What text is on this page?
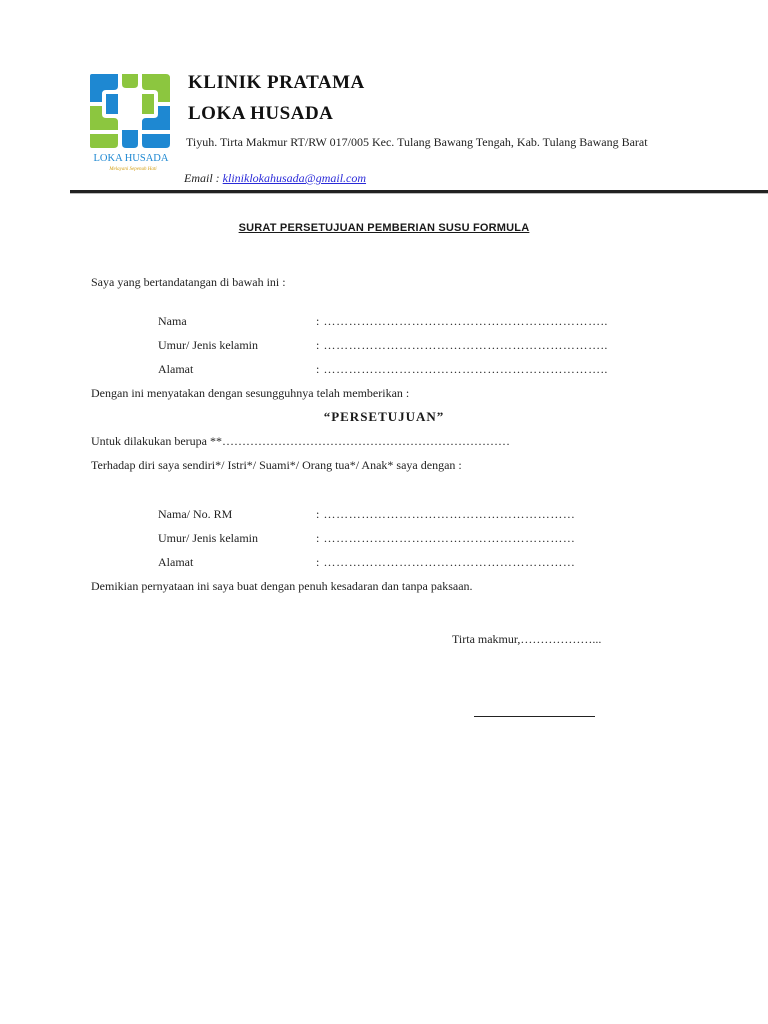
LOKA HUSADA
Melayani Sepenuh Hati
KLINIK PRATAMA
LOKA HUSADA
Tiyuh. Tirta Makmur RT/RW 017/005 Kec. Tulang Bawang Tengah, Kab. Tulang Bawang Barat
Email : kliniklokahusada@gmail.com
SURAT PERSETUJUAN PEMBERIAN SUSU FORMULA
Saya yang bertandatangan di bawah ini :
Nama	: …………………………………………………………..
Umur/ Jenis kelamin	: …………………………………………………………..
Alamat	: …………………………………………………………..
Dengan ini menyatakan dengan sesungguhnya telah memberikan :
“PERSETUJUAN”
Untuk dilakukan berupa **………………………………………………………………
Terhadap diri saya sendiri*/ Istri*/ Suami*/ Orang tua*/ Anak* saya dengan :
Nama/ No. RM	: ……………………………………………………
Umur/ Jenis kelamin	: ……………………………………………………
Alamat	: ……………………………………………………
Demikian pernyataan ini saya buat dengan penuh kesadaran dan tanpa paksaan.
Tirta makmur,………………...
